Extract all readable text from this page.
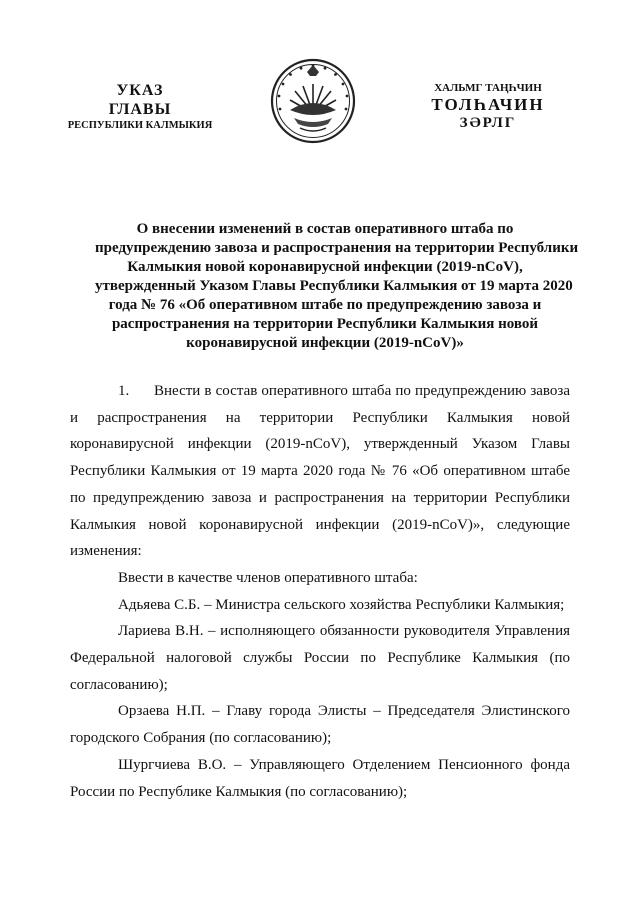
УКАЗ
ГЛАВЫ
РЕСПУБЛИКИ КАЛМЫКИЯ
ХАЛЬМГ ТАҢҺЧИН
ТОЛҺАЧИН
ЗӘРЛГ
О внесении изменений в состав оперативного штаба по
предупреждению завоза и распространения на территории Республики
Калмыкия новой коронавирусной инфекции (2019-nCoV),
утвержденный Указом Главы Республики Калмыкия от 19 марта 2020
года № 76 «Об оперативном штабе по предупреждению завоза и
распространения на территории Республики Калмыкия новой
коронавирусной инфекции (2019-nCoV)»

1. Внести в состав оперативного штаба по предупреждению завоза и распространения на территории Республики Калмыкия новой коронавирусной инфекции (2019-nCoV), утвержденный Указом Главы Республики Калмыкия от 19 марта 2020 года № 76 «Об оперативном штабе по предупреждению завоза и распространения на территории Республики Калмыкия новой коронавирусной инфекции (2019-nCoV)», следующие изменения:

Ввести в качестве членов оперативного штаба:

Адьяева С.Б. – Министра сельского хозяйства Республики Калмыкия;

Лариева В.Н. – исполняющего обязанности руководителя Управления Федеральной налоговой службы России по Республике Калмыкия (по согласованию);

Орзаева Н.П. – Главу города Элисты – Председателя Элистинского городского Собрания (по согласованию);

Шургчиева В.О. – Управляющего Отделением Пенсионного фонда России по Республике Калмыкия (по согласованию);
